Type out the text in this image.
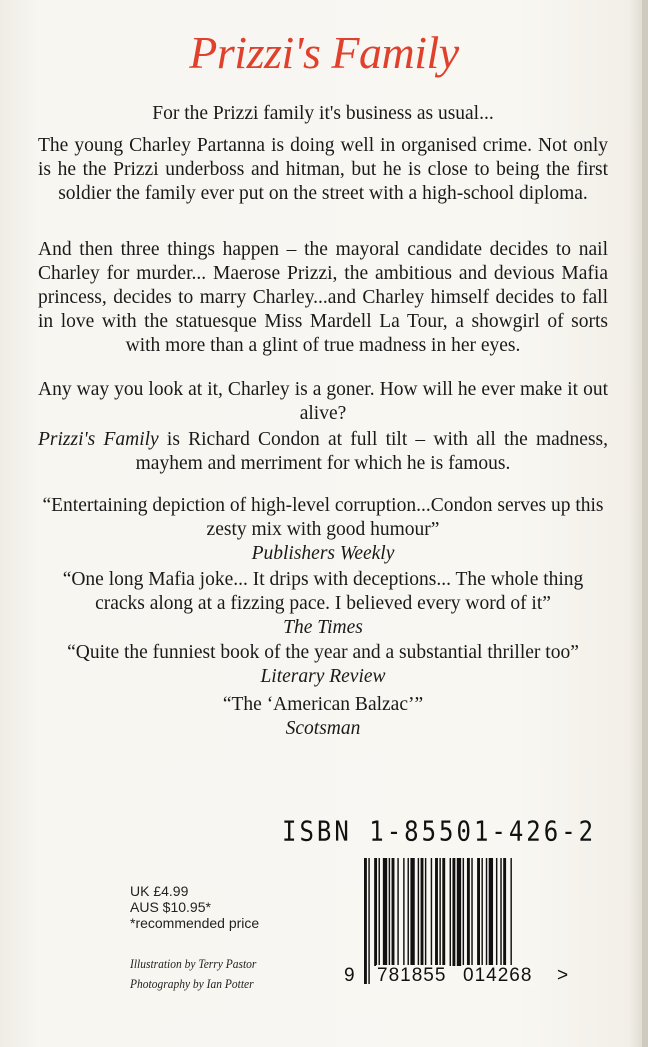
Prizzi's Family

For the Prizzi family it's business as usual...

The young Charley Partanna is doing well in organised crime. Not only is he the Prizzi underboss and hitman, but he is close to being the first soldier the family ever put on the street with a high-school diploma.

And then three things happen – the mayoral candidate decides to nail Charley for murder... Maerose Prizzi, the ambitious and devious Mafia princess, decides to marry Charley...and Charley himself decides to fall in love with the statuesque Miss Mardell La Tour, a showgirl of sorts with more than a glint of true madness in her eyes.

Any way you look at it, Charley is a goner. How will he ever make it out alive?

Prizzi's Family is Richard Condon at full tilt – with all the madness, mayhem and merriment for which he is famous.

“Entertaining depiction of high-level corruption...Condon serves up this zesty mix with good humour”
Publishers Weekly

“One long Mafia joke... It drips with deceptions... The whole thing cracks along at a fizzing pace. I believed every word of it”
The Times

“Quite the funniest book of the year and a substantial thriller too”
Literary Review

“The ‘American Balzac’”
Scotsman

ISBN 1-85501-426-2
9 781855 014268 >
UK £4.99
AUS $10.95*
*recommended price
Illustration by Terry Pastor
Photography by Ian Potter
